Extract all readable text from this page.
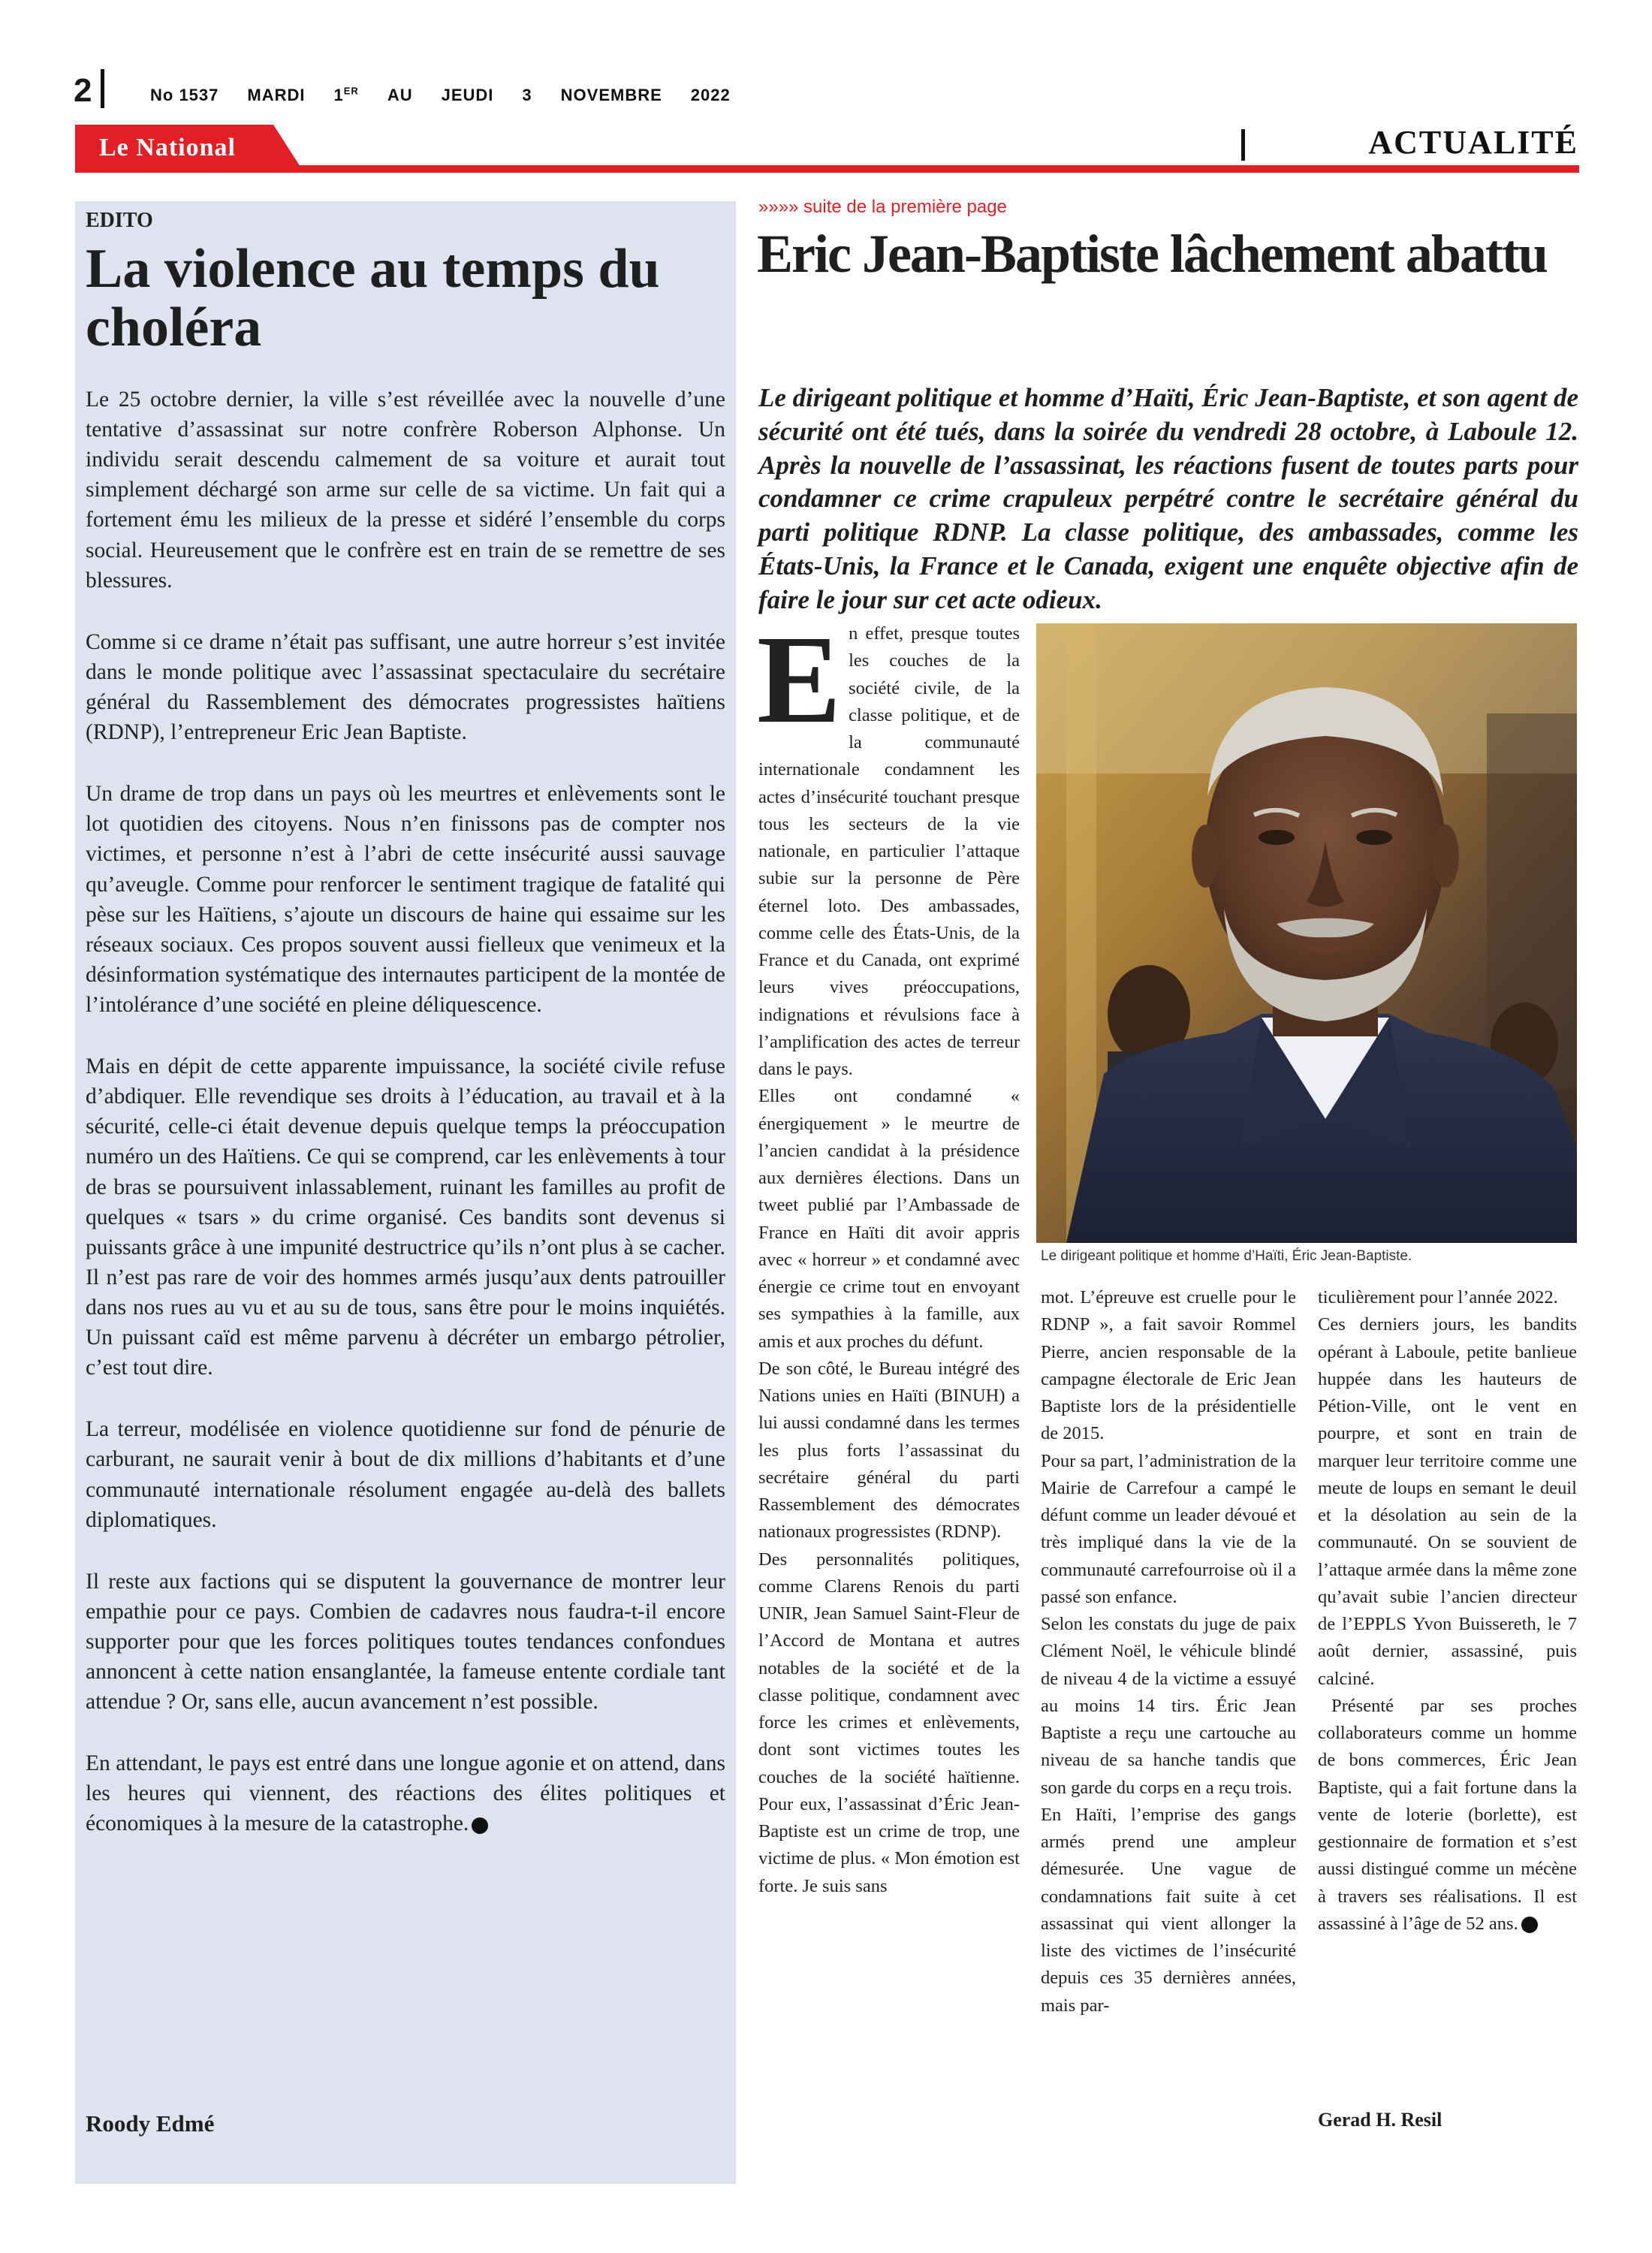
2	No 1537 MARDI 1ER AU JEUDI 3 NOVEMBRE 2022
Le National	ACTUALITÉ
EDITO
La violence au temps du choléra

Le 25 octobre dernier, la ville s’est réveillée avec la nouvelle d’une tentative d’assassinat sur notre confrère Roberson Alphonse. Un individu serait descendu calmement de sa voiture et aurait tout simplement déchargé son arme sur celle de sa victime. Un fait qui a fortement ému les milieux de la presse et sidéré l’ensemble du corps social. Heureusement que le confrère est en train de se remettre de ses blessures.

Comme si ce drame n’était pas suffisant, une autre horreur s’est invitée dans le monde politique avec l’assassinat spectaculaire du secrétaire général du Rassemblement des démocrates progressistes haïtiens (RDNP), l’entrepreneur Eric Jean Baptiste.

Un drame de trop dans un pays où les meurtres et enlèvements sont le lot quotidien des citoyens. Nous n’en finissons pas de compter nos victimes, et personne n’est à l’abri de cette insécurité aussi sauvage qu’aveugle. Comme pour renforcer le sentiment tragique de fatalité qui pèse sur les Haïtiens, s’ajoute un discours de haine qui essaime sur les réseaux sociaux. Ces propos souvent aussi fielleux que venimeux et la désinformation systématique des internautes participent de la montée de l’intolérance d’une société en pleine déliquescence.

Mais en dépit de cette apparente impuissance, la société civile refuse d’abdiquer. Elle revendique ses droits à l’éducation, au travail et à la sécurité, celle-ci était devenue depuis quelque temps la préoccupation numéro un des Haïtiens. Ce qui se comprend, car les enlèvements à tour de bras se poursuivent inlassablement, ruinant les familles au profit de quelques « tsars » du crime organisé. Ces bandits sont devenus si puissants grâce à une impunité destructrice qu’ils n’ont plus à se cacher. Il n’est pas rare de voir des hommes armés jusqu’aux dents patrouiller dans nos rues au vu et au su de tous, sans être pour le moins inquiétés. Un puissant caïd est même parvenu à décréter un embargo pétrolier, c’est tout dire.

La terreur, modélisée en violence quotidienne sur fond de pénurie de carburant, ne saurait venir à bout de dix millions d’habitants et d’une communauté internationale résolument engagée au-delà des ballets diplomatiques.

Il reste aux factions qui se disputent la gouvernance de montrer leur empathie pour ce pays. Combien de cadavres nous faudra-t-il encore supporter pour que les forces politiques toutes tendances confondues annoncent à cette nation ensanglantée, la fameuse entente cordiale tant attendue ? Or, sans elle, aucun avancement n’est possible.

En attendant, le pays est entré dans une longue agonie et on attend, dans les heures qui viennent, des réactions des élites politiques et économiques à la mesure de la catastrophe.

Roody Edmé
»»»» suite de la première page
Eric Jean-Baptiste lâchement abattu

Le dirigeant politique et homme d’Haïti, Éric Jean-Baptiste, et son agent de sécurité ont été tués, dans la soirée du vendredi 28 octobre, à Laboule 12. Après la nouvelle de l’assassinat, les réactions fusent de toutes parts pour condamner ce crime crapuleux perpétré contre le secrétaire général du parti politique RDNP. La classe politique, des ambassades, comme les États-Unis, la France et le Canada, exigent une enquête objective afin de faire le jour sur cet acte odieux.

Le dirigeant politique et homme d’Haïti, Éric Jean-Baptiste.

En effet, presque toutes les couches de la société civile, de la classe politique, et de la communauté internationale condamnent les actes d’insécurité touchant presque tous les secteurs de la vie nationale, en particulier l’attaque subie sur la personne de Père éternel loto. Des ambassades, comme celle des États-Unis, de la France et du Canada, ont exprimé leurs vives préoccupations, indignations et révulsions face à l’amplification des actes de terreur dans le pays.

Elles ont condamné « énergiquement » le meurtre de l’ancien candidat à la présidence aux dernières élections. Dans un tweet publié par l’Ambassade de France en Haïti dit avoir appris avec « horreur » et condamné avec énergie ce crime tout en envoyant ses sympathies à la famille, aux amis et aux proches du défunt.

De son côté, le Bureau intégré des Nations unies en Haïti (BINUH) a lui aussi condamné dans les termes les plus forts l’assassinat du secrétaire général du parti Rassemblement des démocrates nationaux progressistes (RDNP).

Des personnalités politiques, comme Clarens Renois du parti UNIR, Jean Samuel Saint-Fleur de l’Accord de Montana et autres notables de la société et de la classe politique, condamnent avec force les crimes et enlèvements, dont sont victimes toutes les couches de la société haïtienne. Pour eux, l’assassinat d’Éric Jean-Baptiste est un crime de trop, une victime de plus. « Mon émotion est forte. Je suis sans

mot. L’épreuve est cruelle pour le RDNP », a fait savoir Rommel Pierre, ancien responsable de la campagne électorale de Eric Jean Baptiste lors de la présidentielle de 2015.

Pour sa part, l’administration de la Mairie de Carrefour a campé le défunt comme un leader dévoué et très impliqué dans la vie de la communauté carrefourroise où il a passé son enfance.

Selon les constats du juge de paix Clément Noël, le véhicule blindé de niveau 4 de la victime a essuyé au moins 14 tirs. Éric Jean Baptiste a reçu une cartouche au niveau de sa hanche tandis que son garde du corps en a reçu trois.

En Haïti, l’emprise des gangs armés prend une ampleur démesurée. Une vague de condamnations fait suite à cet assassinat qui vient allonger la liste des victimes de l’insécurité depuis ces 35 dernières années, mais par-

ticulièrement pour l’année 2022.

Ces derniers jours, les bandits opérant à Laboule, petite banlieue huppée dans les hauteurs de Pétion-Ville, ont le vent en pourpre, et sont en train de marquer leur territoire comme une meute de loups en semant le deuil et la désolation au sein de la communauté. On se souvient de l’attaque armée dans la même zone qu’avait subie l’ancien directeur de l’EPPLS Yvon Buissereth, le 7 août dernier, assassiné, puis calciné.

Présenté par ses proches collaborateurs comme un homme de bons commerces, Éric Jean Baptiste, qui a fait fortune dans la vente de loterie (borlette), est gestionnaire de formation et s’est aussi distingué comme un mécène à travers ses réalisations. Il est assassiné à l’âge de 52 ans.

Gerad H. Resil
